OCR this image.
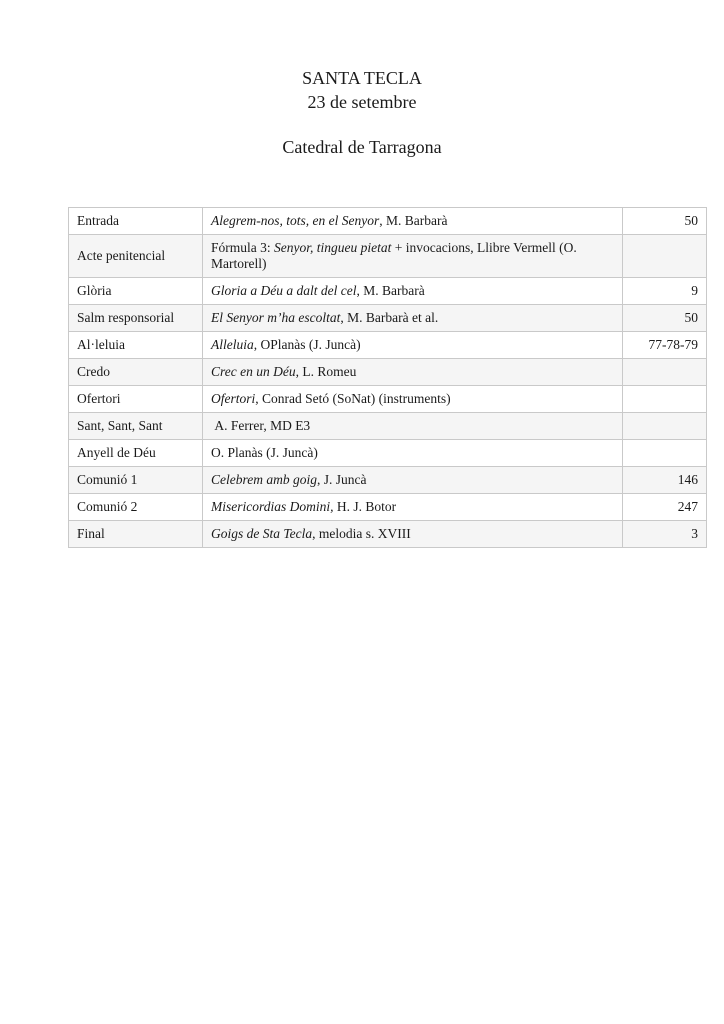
SANTA TECLA
23 de setembre
Catedral de Tarragona
Entrada	Alegrem-nos, tots, en el Senyor, M. Barbarà	50
Acte penitencial	Fórmula 3: Senyor, tingueu pietat + invocacions, Llibre Vermell (O. Martorell)	
Glòria	Gloria a Déu a dalt del cel, M. Barbarà	9
Salm responsorial	El Senyor m’ha escoltat, M. Barbarà et al.	50
Al·leluia	Alleluia, OPlanàs (J. Juncà)	77-78-79
Credo	Crec en un Déu, L. Romeu	
Ofertori	Ofertori, Conrad Setó (SoNat) (instruments)	
Sant, Sant, Sant	A. Ferrer, MD E3	
Anyell de Déu	O. Planàs (J. Juncà)	
Comunió 1	Celebrem amb goig, J. Juncà	146
Comunió 2	Misericordias Domini, H. J. Botor	247
Final	Goigs de Sta Tecla, melodia s. XVIII	3
